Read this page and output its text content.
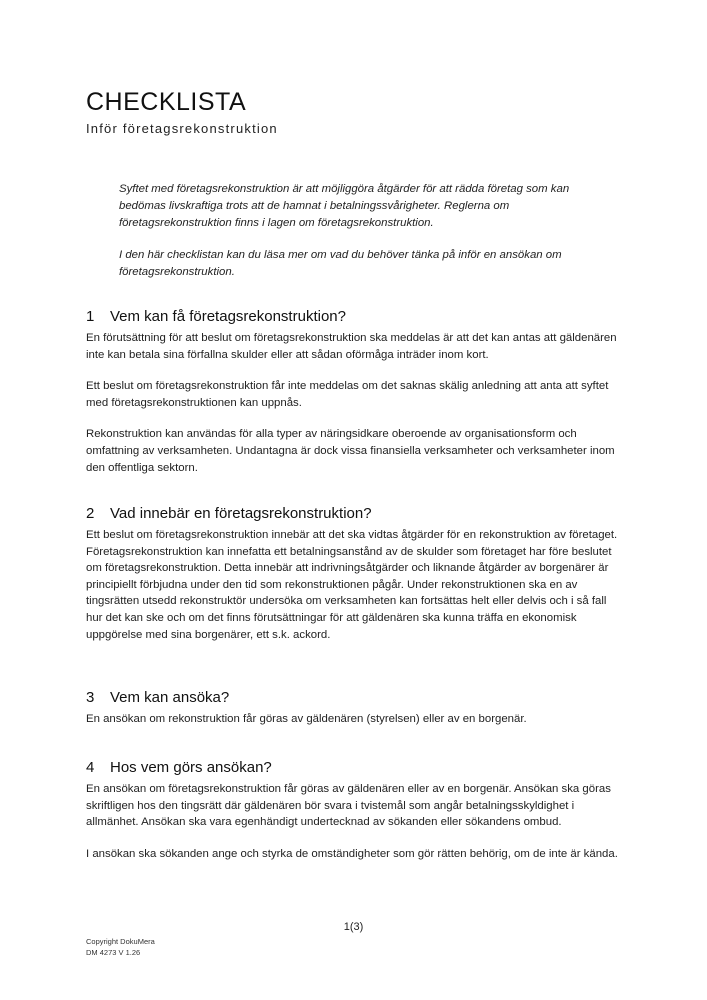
CHECKLISTA
Inför företagsrekonstruktion

Syftet med företagsrekonstruktion är att möjliggöra åtgärder för att rädda företag som kan bedömas livskraftiga trots att de hamnat i betalningssvårigheter. Reglerna om företagsrekonstruktion finns i lagen om företagsrekonstruktion.

I den här checklistan kan du läsa mer om vad du behöver tänka på inför en ansökan om företagsrekonstruktion.

1 Vem kan få företagsrekonstruktion?

En förutsättning för att beslut om företagsrekonstruktion ska meddelas är att det kan antas att gäldenären inte kan betala sina förfallna skulder eller att sådan oförmåga inträder inom kort.

Ett beslut om företagsrekonstruktion får inte meddelas om det saknas skälig anledning att anta att syftet med företagsrekonstruktionen kan uppnås.

Rekonstruktion kan användas för alla typer av näringsidkare oberoende av organisationsform och omfattning av verksamheten. Undantagna är dock vissa finansiella verksamheter och verksamheter inom den offentliga sektorn.

2 Vad innebär en företagsrekonstruktion?

Ett beslut om företagsrekonstruktion innebär att det ska vidtas åtgärder för en rekonstruktion av företaget. Företagsrekonstruktion kan innefatta ett betalningsanstånd av de skulder som företaget har före beslutet om företagsrekonstruktion. Detta innebär att indrivningsåtgärder och liknande åtgärder av borgenärer är principiellt förbjudna under den tid som rekonstruktionen pågår. Under rekonstruktionen ska en av tingsrätten utsedd rekonstruktör undersöka om verksamheten kan fortsättas helt eller delvis och i så fall hur det kan ske och om det finns förutsättningar för att gäldenären ska kunna träffa en ekonomisk uppgörelse med sina borgenärer, ett s.k. ackord.

3 Vem kan ansöka?

En ansökan om rekonstruktion får göras av gäldenären (styrelsen) eller av en borgenär.

4 Hos vem görs ansökan?

En ansökan om företagsrekonstruktion får göras av gäldenären eller av en borgenär. Ansökan ska göras skriftligen hos den tingsrätt där gäldenären bör svara i tvistemål som angår betalningsskyldighet i allmänhet. Ansökan ska vara egenhändigt undertecknad av sökanden eller sökandens ombud.

I ansökan ska sökanden ange och styrka de omständigheter som gör rätten behörig, om de inte är kända.

1(3)
Copyright DokuMera
DM 4273 V 1.26
